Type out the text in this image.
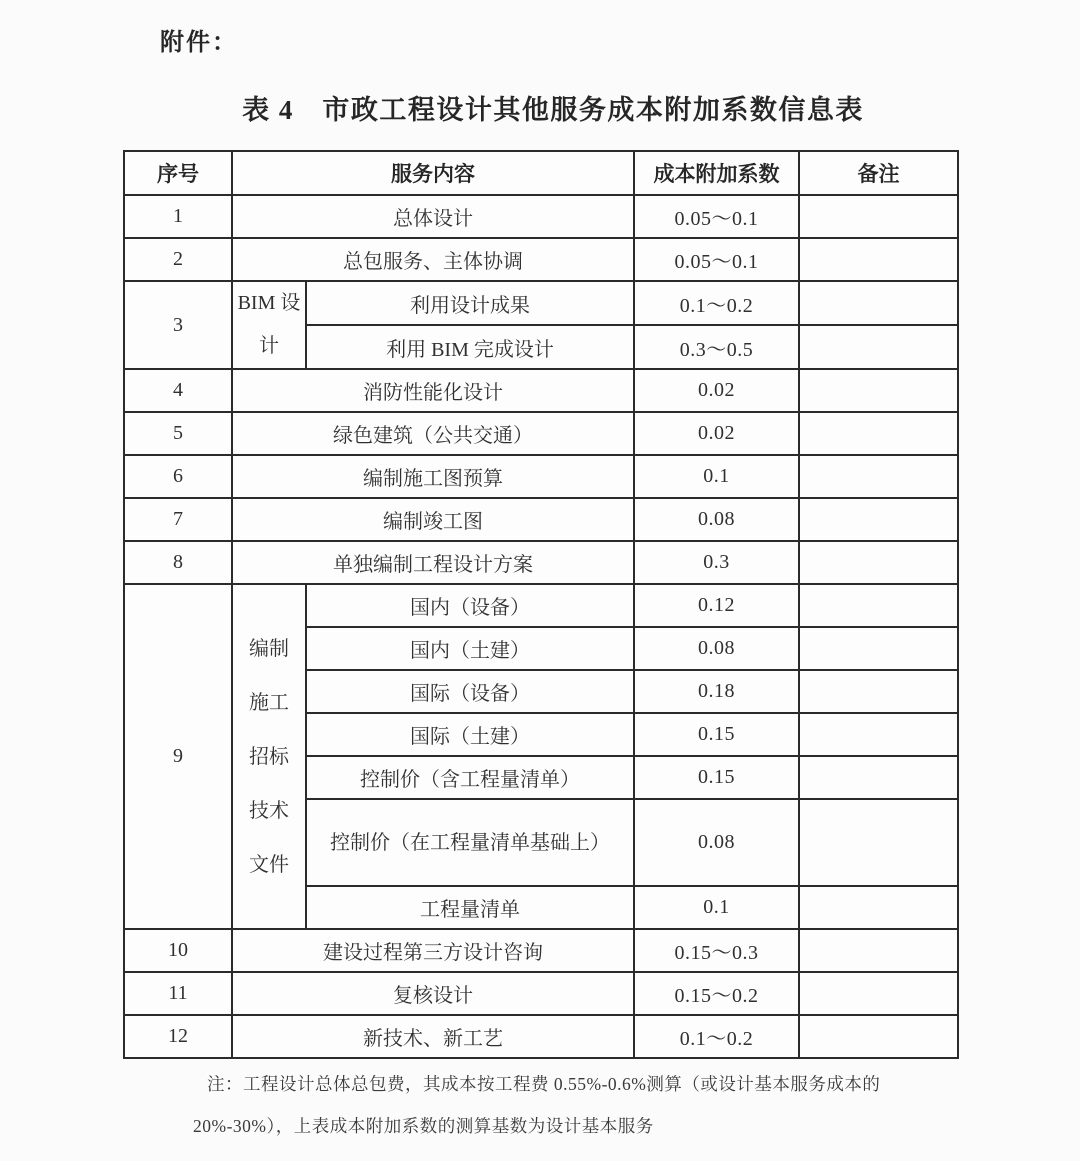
附件：
表 4　市政工程设计其他服务成本附加系数信息表
序号	服务内容		成本附加系数	备注
1	总体设计		0.05～0.1	
2	总包服务、主体协调		0.05～0.1	
3	BIM 设计	利用设计成果	0.1～0.2	
		利用 BIM 完成设计	0.3～0.5	
4	消防性能化设计		0.02	
5	绿色建筑（公共交通）		0.02	
6	编制施工图预算		0.1	
7	编制竣工图		0.08	
8	单独编制工程设计方案		0.3	
9	编制施工招标技术文件	国内（设备）	0.12	
		国内（土建）	0.08	
		国际（设备）	0.18	
		国际（土建）	0.15	
		控制价（含工程量清单）	0.15	
		控制价（在工程量清单基础上）	0.08	
		工程量清单	0.1	
10	建设过程第三方设计咨询		0.15～0.3	
11	复核设计		0.15～0.2	
12	新技术、新工艺		0.1～0.2	
注：工程设计总体总包费，其成本按工程费 0.55%-0.6%测算（或设计基本服务成本的
20%-30%），上表成本附加系数的测算基数为设计基本服务
